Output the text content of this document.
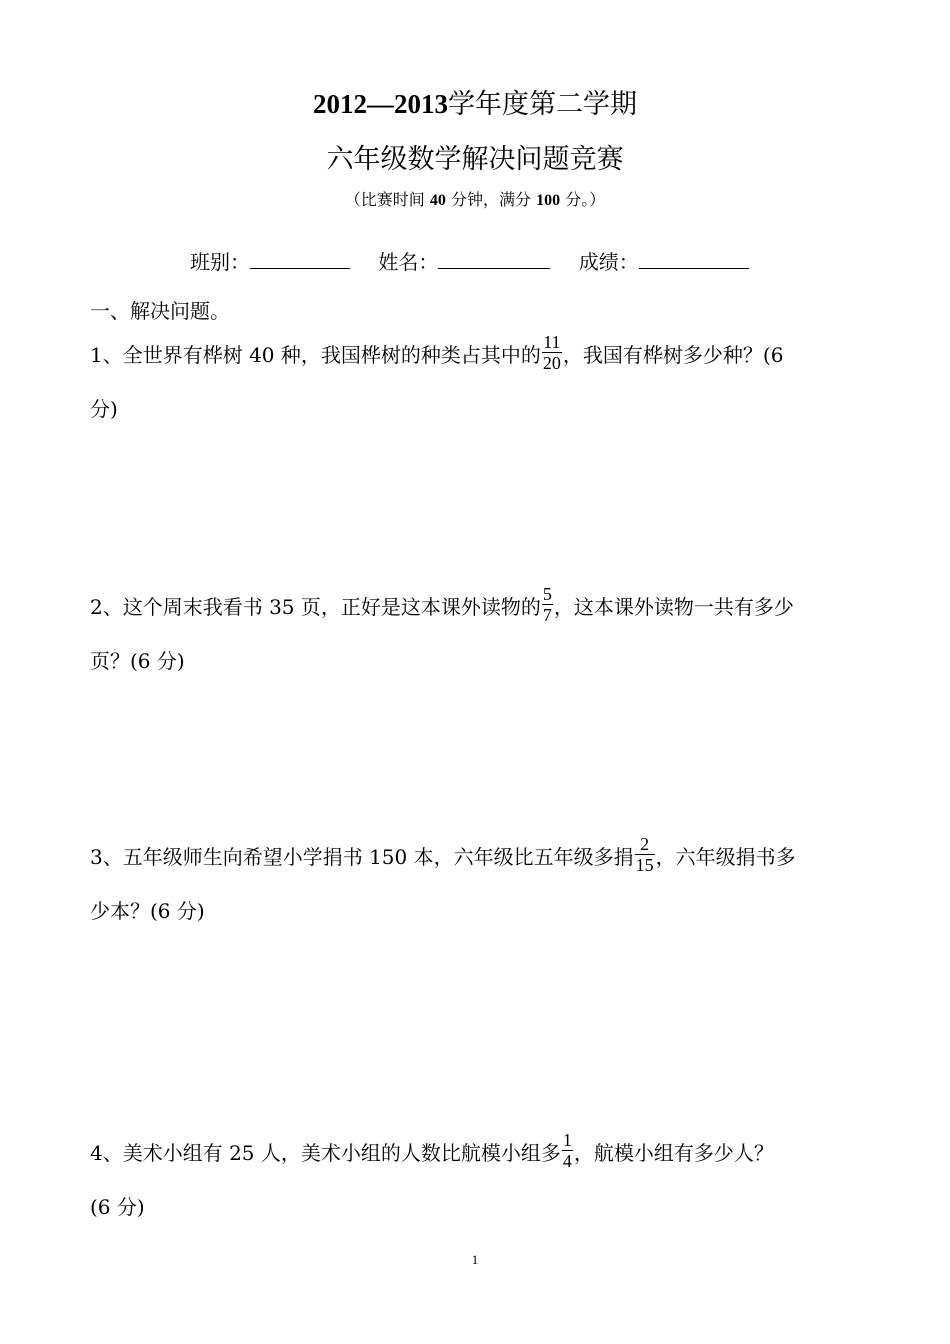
2012—2013学年度第二学期
六年级数学解决问题竞赛
（比赛时间 40 分钟，满分 100 分。）
班别：	姓名：	成绩：
一、解决问题。
1、全世界有桦树 40 种，我国桦树的种类占其中的 $\frac{11}{20}$ ，我国有桦树多少种？(6
分)
2、这个周末我看书 35 页，正好是这本课外读物的 $\frac{5}{7}$ ，这本课外读物一共有多少
页？(6 分)
3、五年级师生向希望小学捐书 150 本，六年级比五年级多捐 $\frac{2}{15}$ ，六年级捐书多
少本？(6 分)
4、美术小组有 25 人，美术小组的人数比航模小组多 $\frac{1}{4}$ ，航模小组有多少人？
(6 分)
1
